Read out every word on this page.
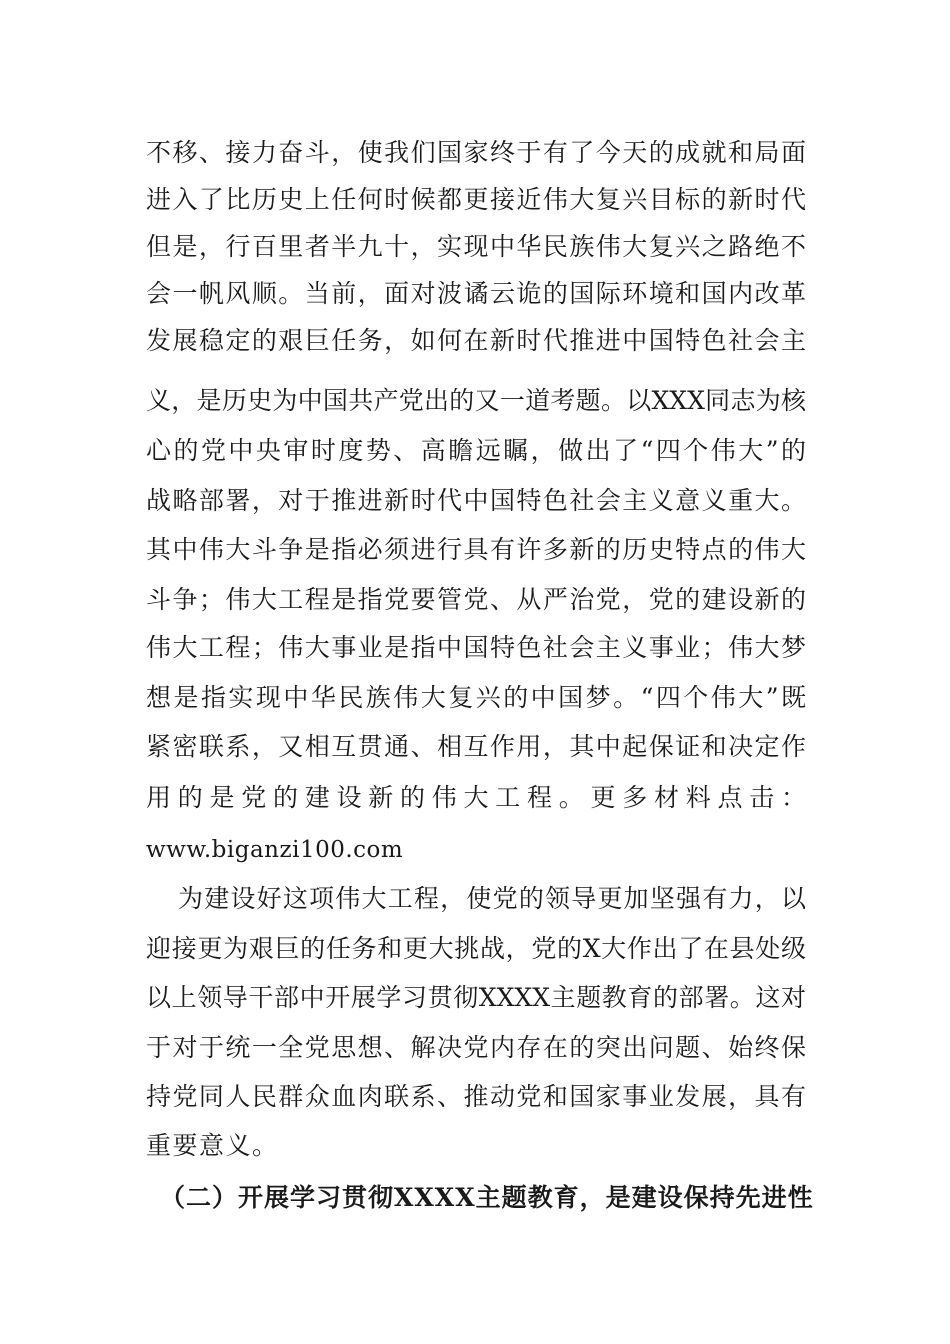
不移、接力奋斗，使我们国家终于有了今天的成就和局面
进入了比历史上任何时候都更接近伟大复兴目标的新时代
但是，行百里者半九十，实现中华民族伟大复兴之路绝不
会一帆风顺。当前，面对波谲云诡的国际环境和国内改革
发展稳定的艰巨任务，如何在新时代推进中国特色社会主
义，是历史为中国共产党出的又一道考题。以XXX同志为核
心的党中央审时度势、高瞻远瞩，做出了“四个伟大”的
战略部署，对于推进新时代中国特色社会主义意义重大。
其中伟大斗争是指必须进行具有许多新的历史特点的伟大
斗争；伟大工程是指党要管党、从严治党，党的建设新的
伟大工程；伟大事业是指中国特色社会主义事业；伟大梦
想是指实现中华民族伟大复兴的中国梦。“四个伟大”既
紧密联系，又相互贯通、相互作用，其中起保证和决定作
用的是党的建设新的伟大工程。更多材料点击：
www.biganzi100.com
为建设好这项伟大工程，使党的领导更加坚强有力，以
迎接更为艰巨的任务和更大挑战，党的X大作出了在县处级
以上领导干部中开展学习贯彻XXXX主题教育的部署。这对
于对于统一全党思想、解决党内存在的突出问题、始终保
持党同人民群众血肉联系、推动党和国家事业发展，具有
重要意义。
（二）开展学习贯彻XXXX主题教育，是建设保持先进性
